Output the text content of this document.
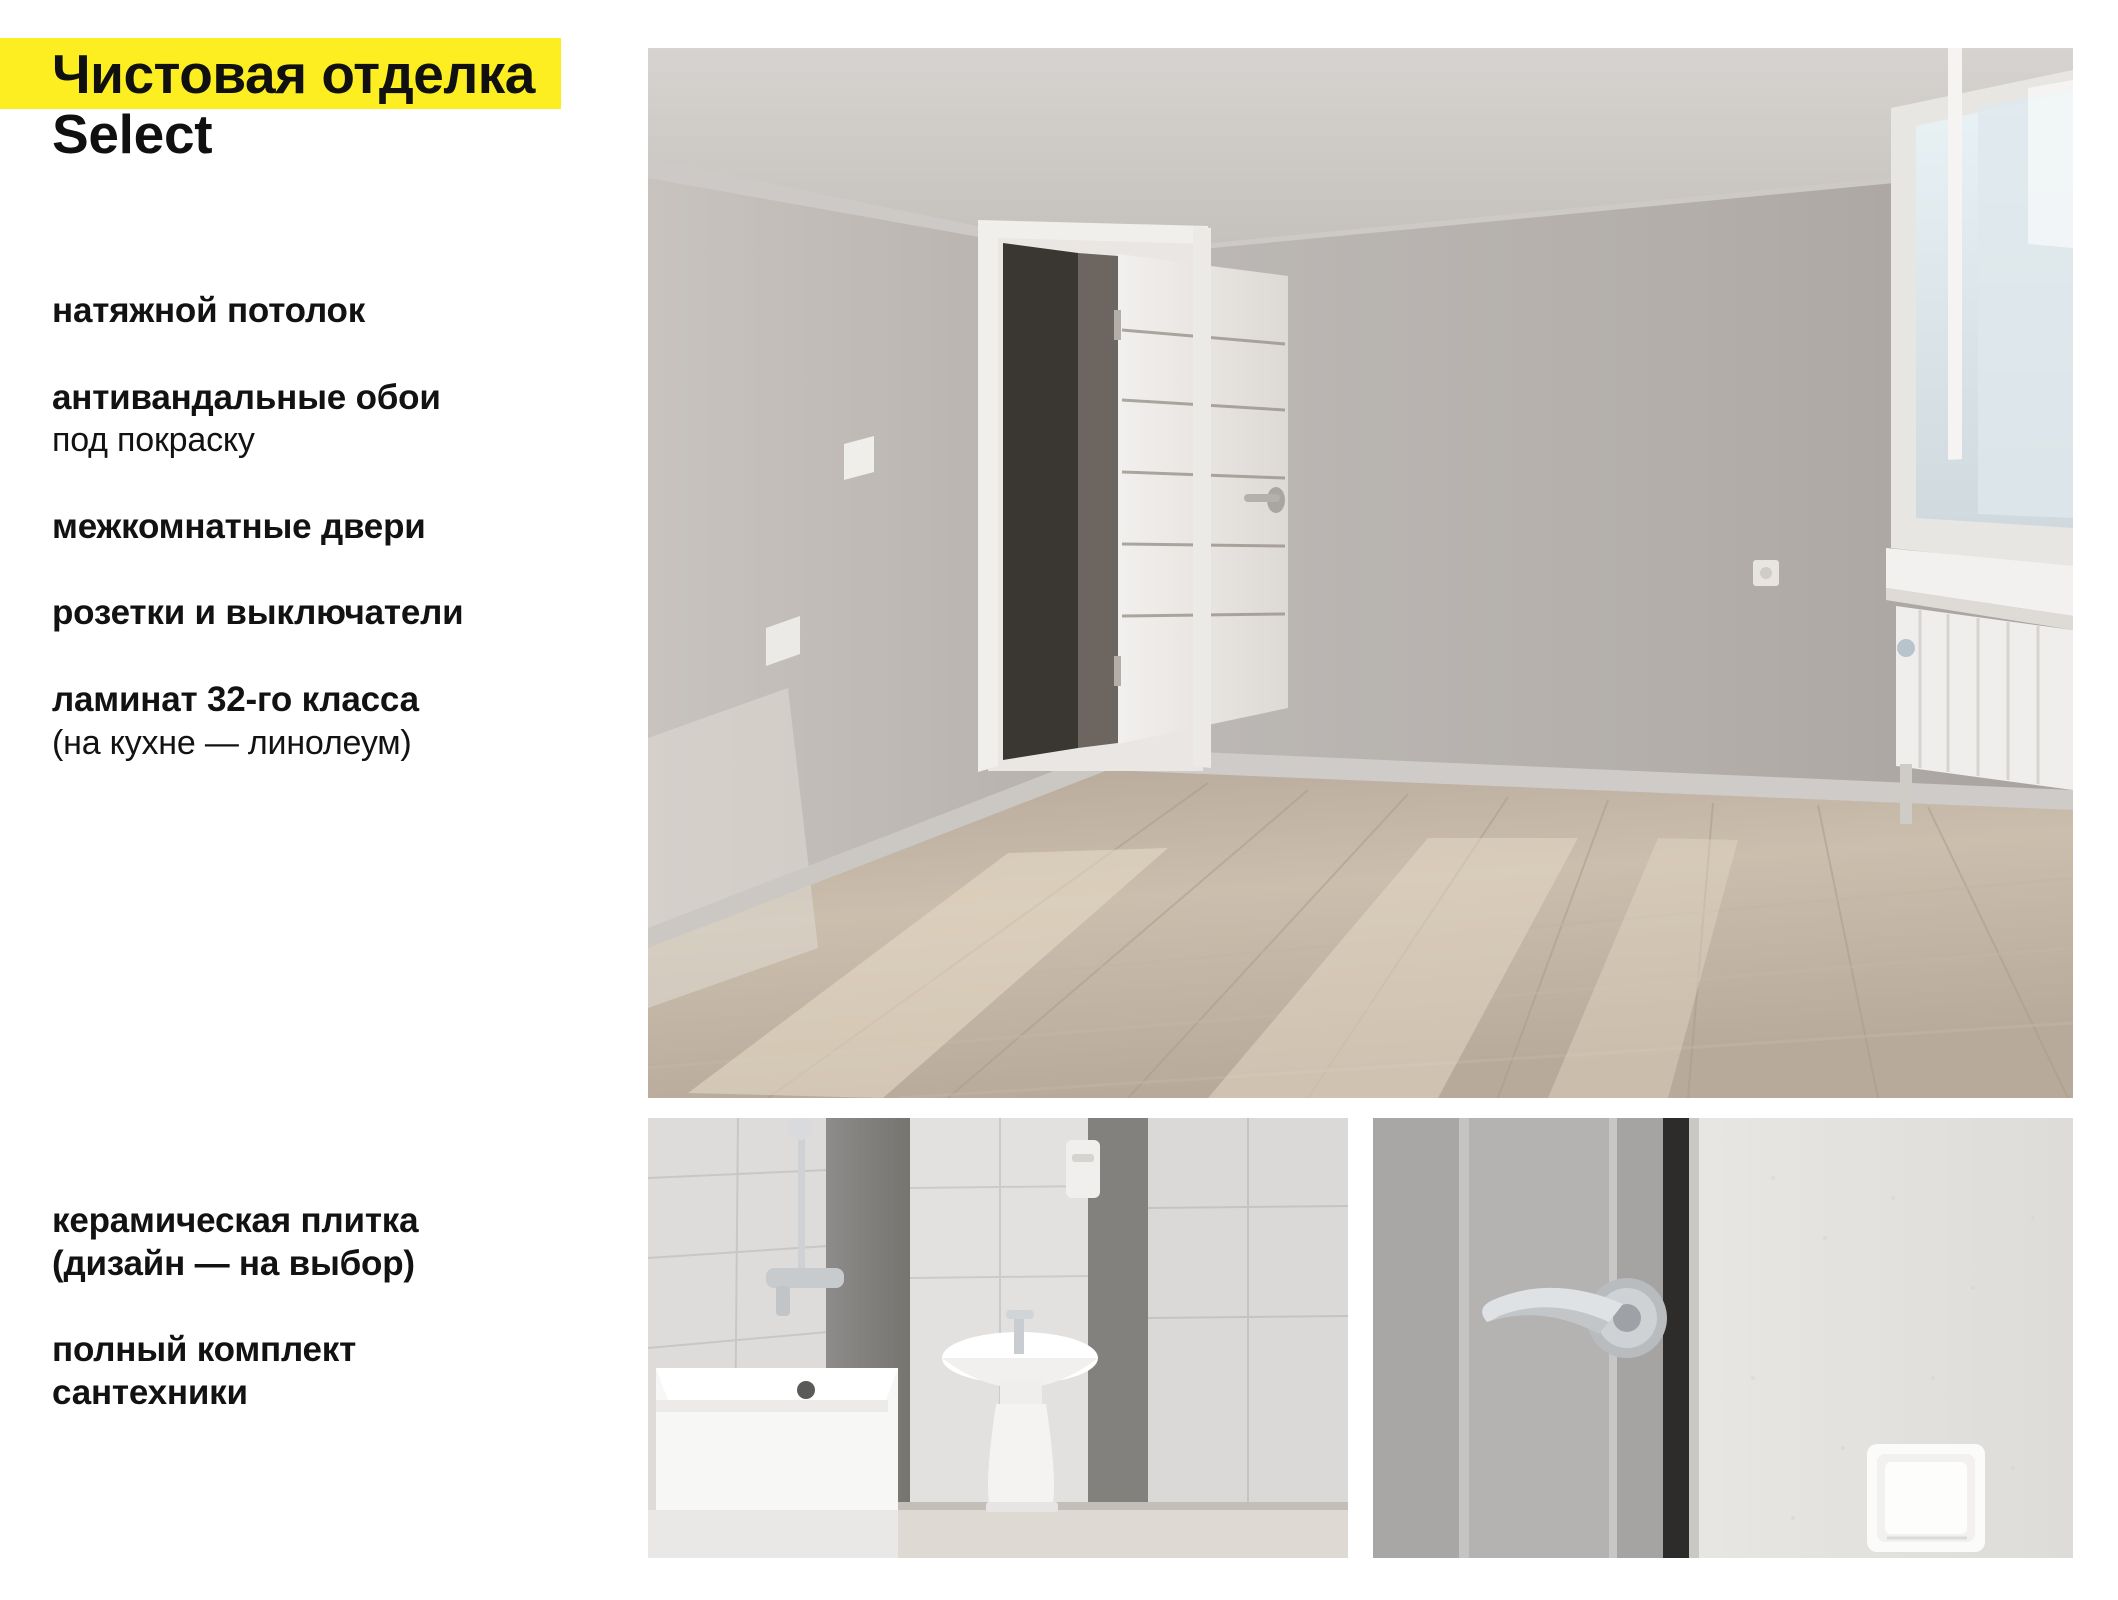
Чистовая отделка
Select
натяжной потолок
антивандальные обои
под покраску
межкомнатные двери
розетки и выключатели
ламинат 32-го класса
(на кухне — линолеум)
керамическая плитка
(дизайн — на выбор)
полный комплект
сантехники
